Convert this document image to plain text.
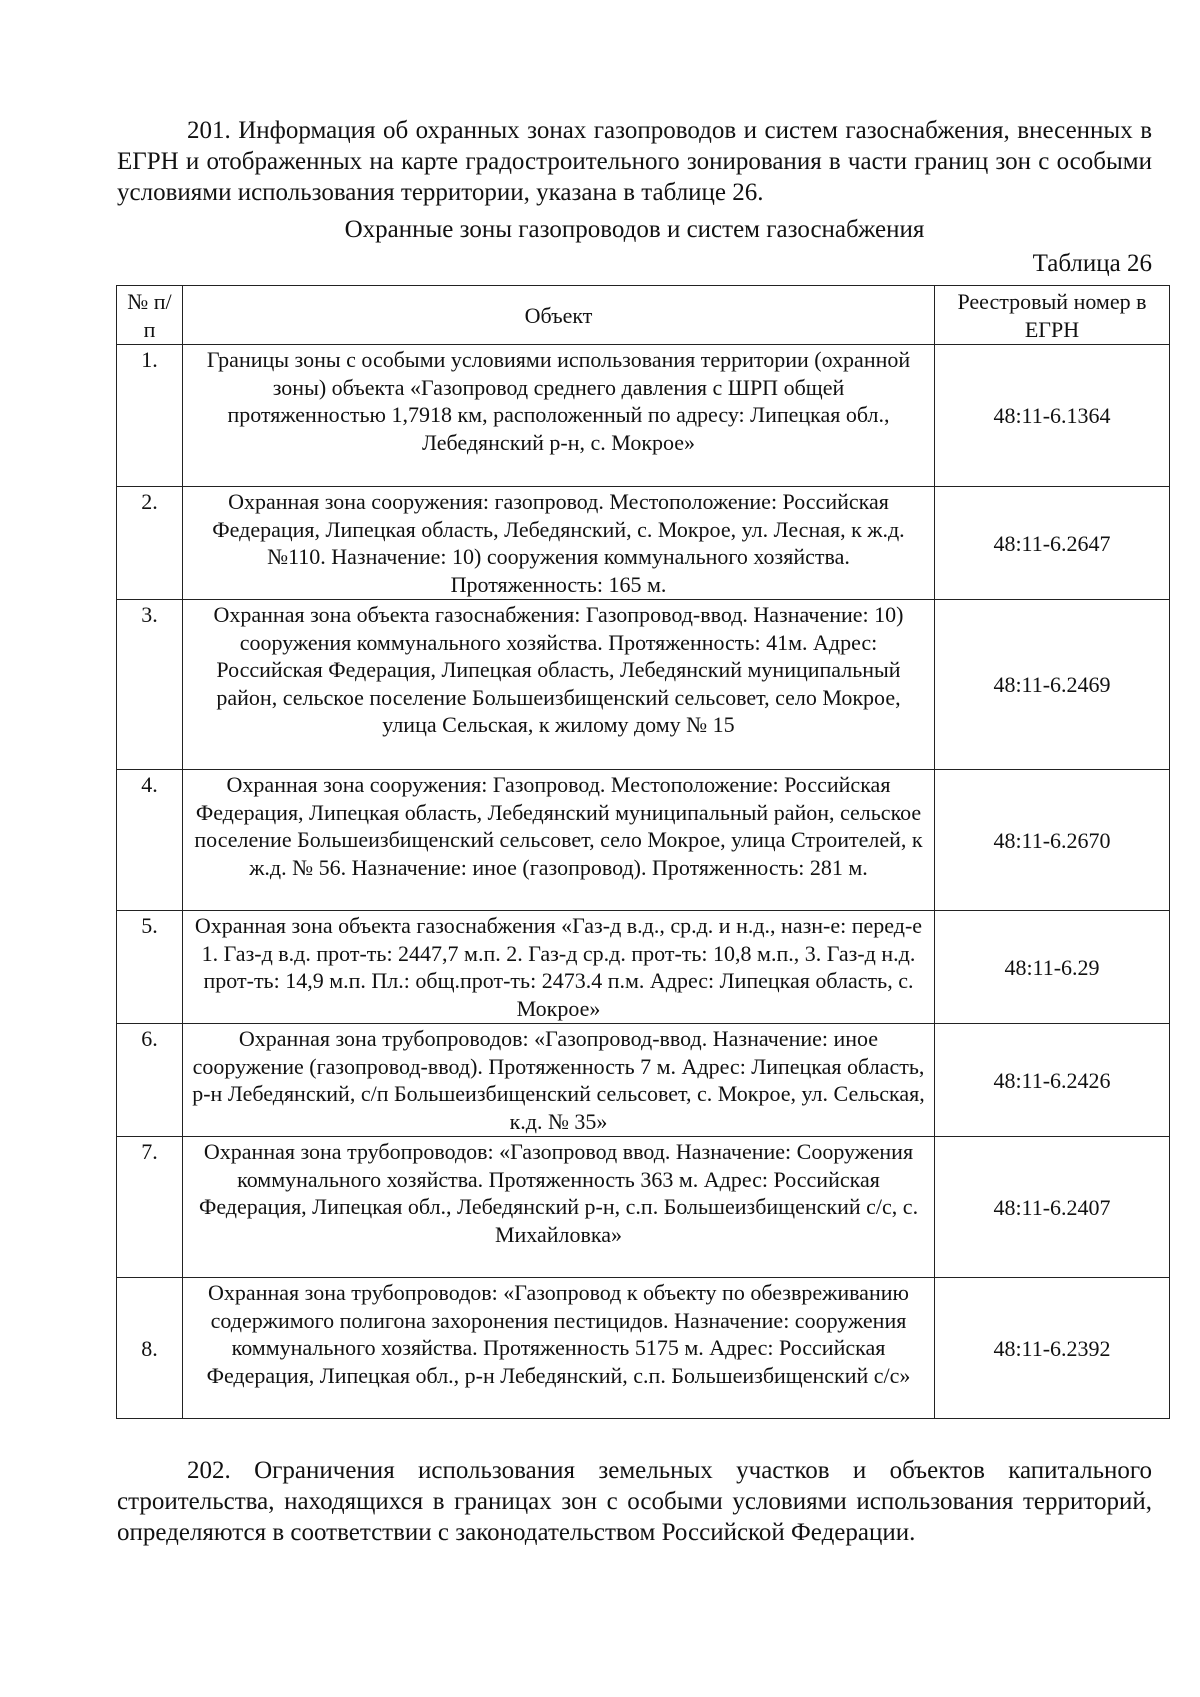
201. Информация об охранных зонах газопроводов и систем газоснабжения, внесенных в ЕГРН и отображенных на карте градостроительного зонирования в части границ зон с особыми условиями использования территории, указана в таблице 26.

Охранные зоны газопроводов и систем газоснабжения

Таблица 26

№ п/п	Объект	Реестровый номер в ЕГРН
1.	Границы зоны с особыми условиями использования территории (охранной зоны) объекта «Газопровод среднего давления с ШРП общей протяженностью 1,7918 км, расположенный по адресу: Липецкая обл., Лебедянский р-н, с. Мокрое»	48:11-6.1364
2.	Охранная зона сооружения: газопровод. Местоположение: Российская Федерация, Липецкая область, Лебедянский, с. Мокрое, ул. Лесная, к ж.д. №110. Назначение: 10) сооружения коммунального хозяйства. Протяженность: 165 м.	48:11-6.2647
3.	Охранная зона объекта газоснабжения: Газопровод-ввод. Назначение: 10) сооружения коммунального хозяйства. Протяженность: 41м. Адрес: Российская Федерация, Липецкая область, Лебедянский муниципальный район, сельское поселение Большеизбищенский сельсовет, село Мокрое, улица Сельская, к жилому дому № 15	48:11-6.2469
4.	Охранная зона сооружения: Газопровод. Местоположение: Российская Федерация, Липецкая область, Лебедянский муниципальный район, сельское поселение Большеизбищенский сельсовет, село Мокрое, улица Строителей, к ж.д. № 56. Назначение: иное (газопровод). Протяженность: 281 м.	48:11-6.2670
5.	Охранная зона объекта газоснабжения «Газ-д в.д., ср.д. и н.д., назн-е: перед-е 1. Газ-д в.д. прот-ть: 2447,7 м.п. 2. Газ-д ср.д. прот-ть: 10,8 м.п., 3. Газ-д н.д. прот-ть: 14,9 м.п. Пл.: общ.прот-ть: 2473.4 п.м. Адрес: Липецкая область, с. Мокрое»	48:11-6.29
6.	Охранная зона трубопроводов: «Газопровод-ввод. Назначение: иное сооружение (газопровод-ввод). Протяженность 7 м. Адрес: Липецкая область, р-н Лебедянский, с/п Большеизбищенский сельсовет, с. Мокрое, ул. Сельская, к.д. № 35»	48:11-6.2426
7.	Охранная зона трубопроводов: «Газопровод ввод. Назначение: Сооружения коммунального хозяйства. Протяженность 363 м. Адрес: Российская Федерация, Липецкая обл., Лебедянский р-н, с.п. Большеизбищенский с/с, с. Михайловка»	48:11-6.2407
8.	Охранная зона трубопроводов: «Газопровод к объекту по обезвреживанию содержимого полигона захоронения пестицидов. Назначение: сооружения коммунального хозяйства. Протяженность 5175 м. Адрес: Российская Федерация, Липецкая обл., р-н Лебедянский, с.п. Большеизбищенский с/с»	48:11-6.2392

202. Ограничения использования земельных участков и объектов капитального строительства, находящихся в границах зон с особыми условиями использования территорий, определяются в соответствии с законодательством Российской Федерации.
